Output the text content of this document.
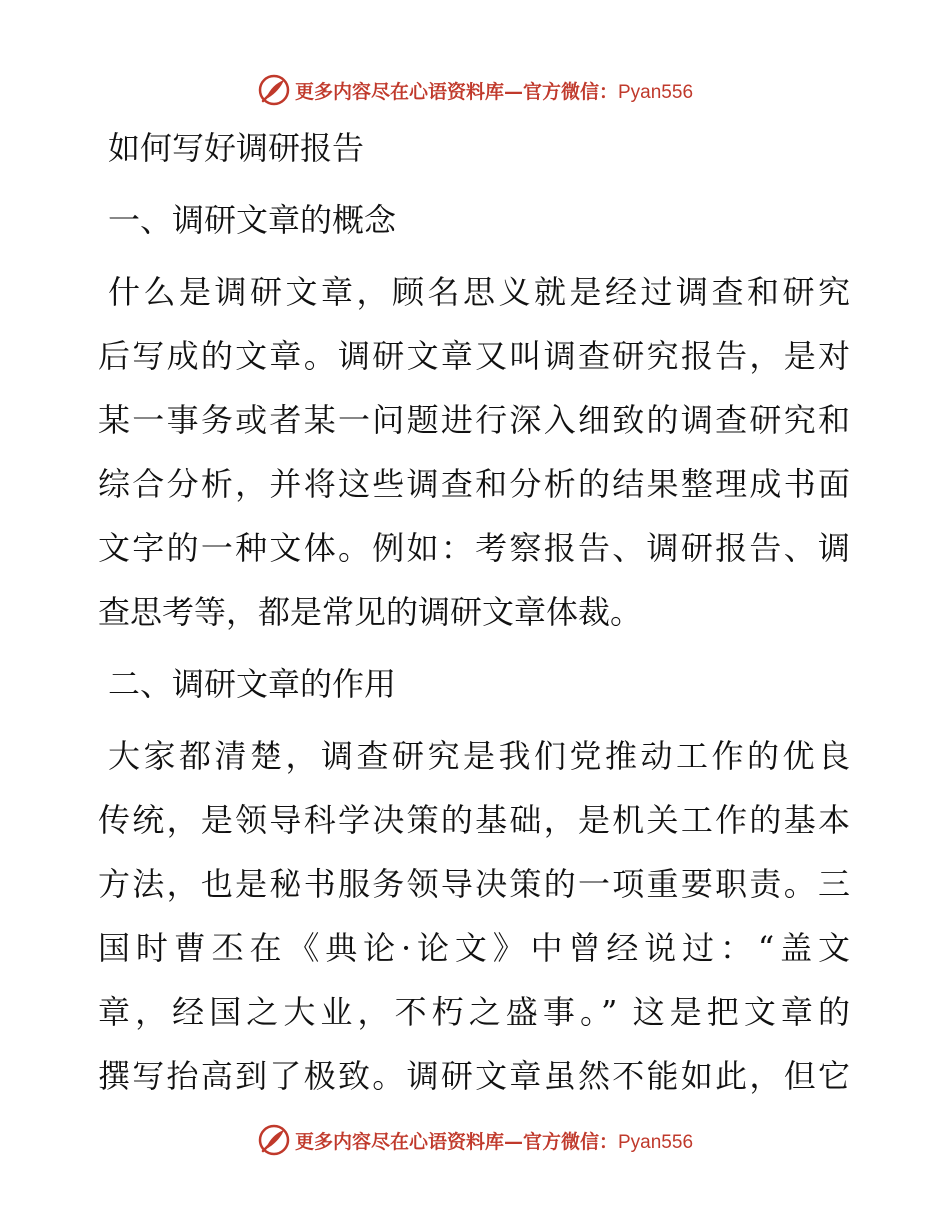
更多内容尽在心语资料库—官方微信：Pyan556
如何写好调研报告
一、调研文章的概念
什么是调研文章，顾名思义就是经过调查和研究
后写成的文章。调研文章又叫调查研究报告，是对
某一事务或者某一问题进行深入细致的调查研究和
综合分析，并将这些调查和分析的结果整理成书面
文字的一种文体。例如：考察报告、调研报告、调
查思考等，都是常见的调研文章体裁。
二、调研文章的作用
大家都清楚，调查研究是我们党推动工作的优良
传统，是领导科学决策的基础，是机关工作的基本
方法，也是秘书服务领导决策的一项重要职责。三
国时曹丕在《典论·论文》中曾经说过：“盖文
章，经国之大业，不朽之盛事。” 这是把文章的
撰写抬高到了极致。调研文章虽然不能如此，但它
更多内容尽在心语资料库—官方微信：Pyan556
